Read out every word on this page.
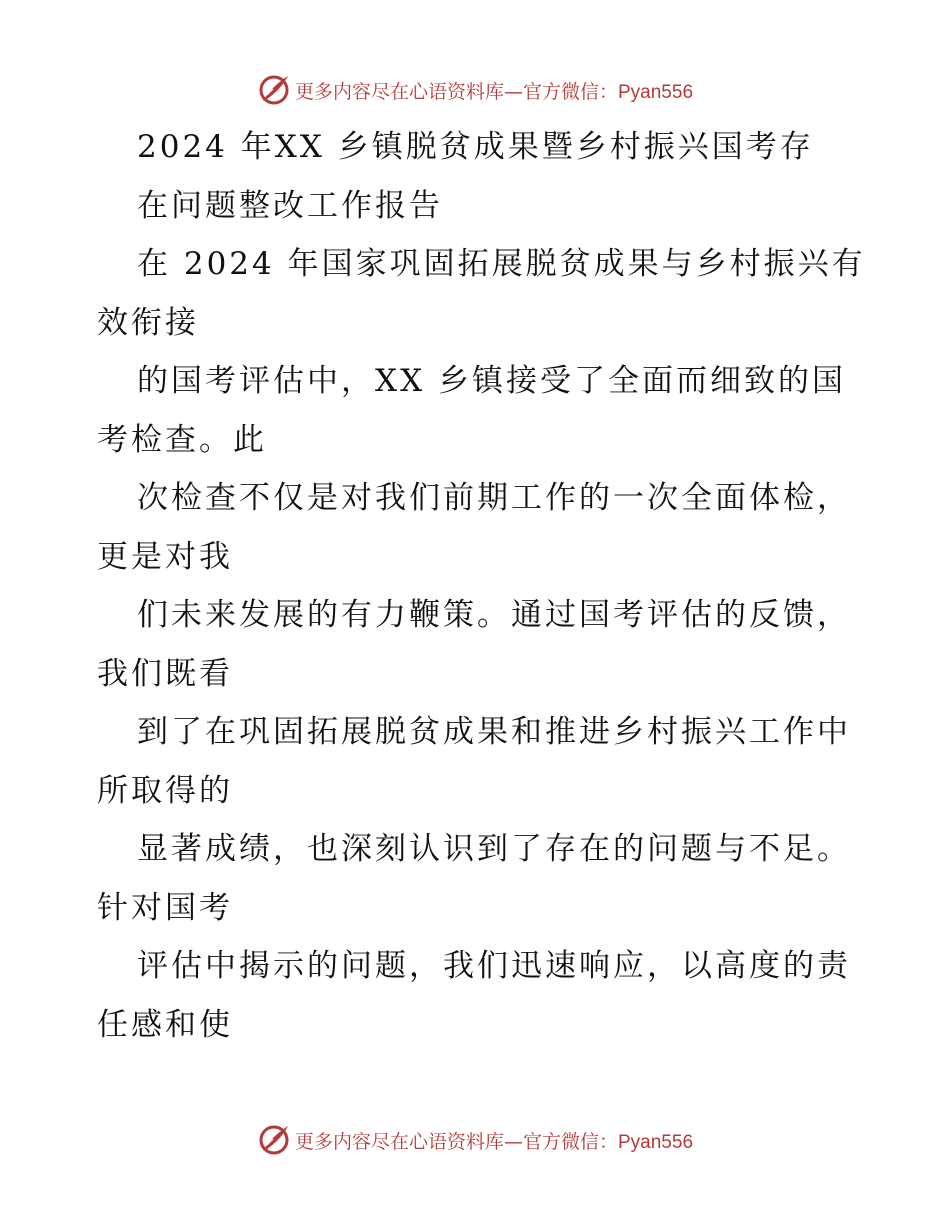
更多内容尽在心语资料库—官方微信：Pyan556
2024 年XX 乡镇脱贫成果暨乡村振兴国考存
在问题整改工作报告
在 2024 年国家巩固拓展脱贫成果与乡村振兴有
效衔接
的国考评估中，XX 乡镇接受了全面而细致的国
考检查。此
次检查不仅是对我们前期工作的一次全面体检，
更是对我
们未来发展的有力鞭策。通过国考评估的反馈，
我们既看
到了在巩固拓展脱贫成果和推进乡村振兴工作中
所取得的
显著成绩，也深刻认识到了存在的问题与不足。
针对国考
评估中揭示的问题，我们迅速响应，以高度的责
任感和使
更多内容尽在心语资料库—官方微信：Pyan556
